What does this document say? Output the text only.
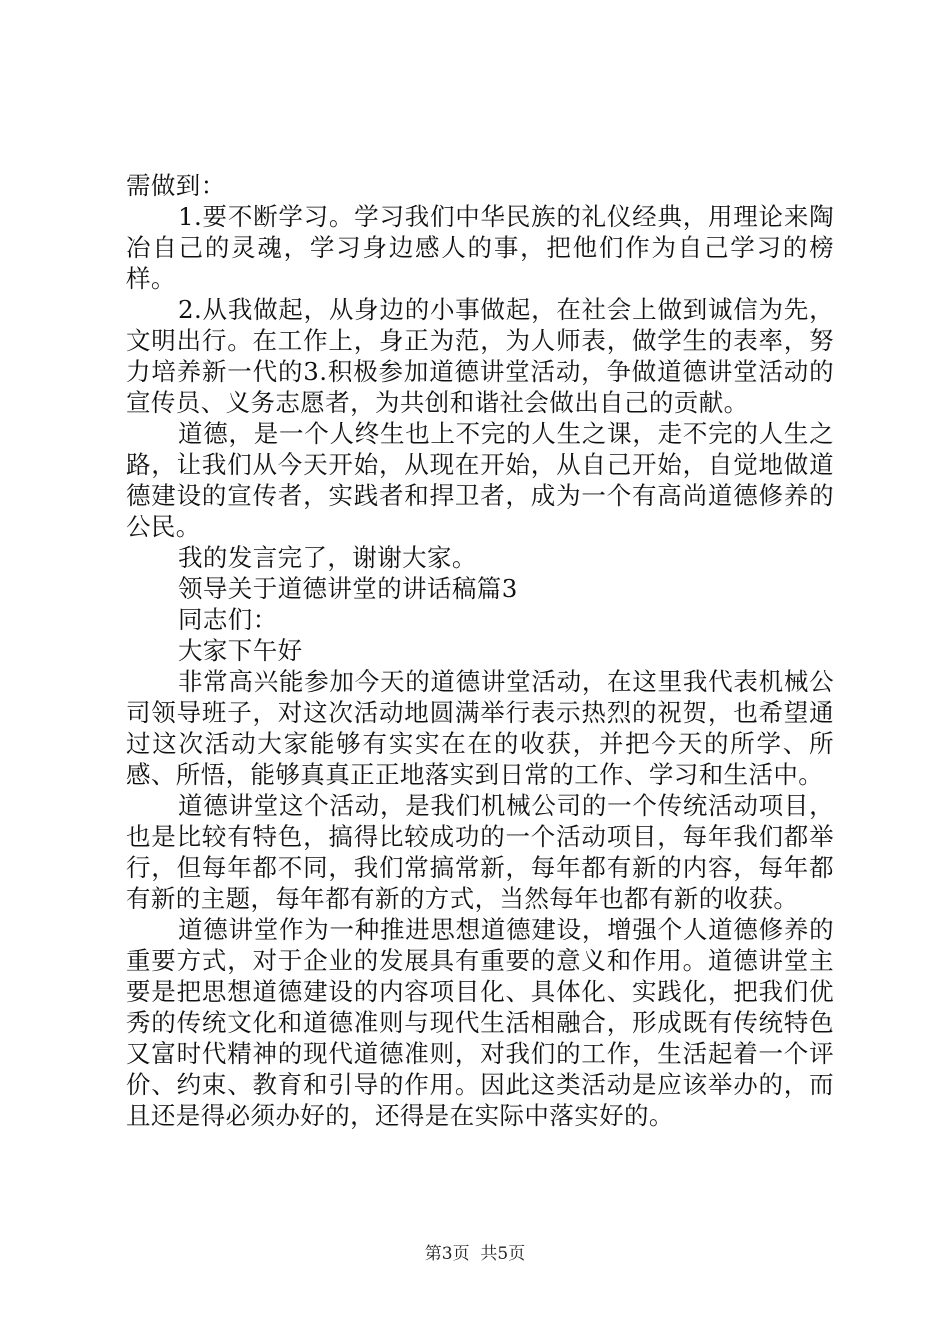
需做到：

1.要不断学习。学习我们中华民族的礼仪经典，用理论来陶冶自己的灵魂，学习身边感人的事，把他们作为自己学习的榜样。

2.从我做起，从身边的小事做起，在社会上做到诚信为先，文明出行。在工作上，身正为范，为人师表，做学生的表率，努力培养新一代的3.积极参加道德讲堂活动，争做道德讲堂活动的宣传员、义务志愿者，为共创和谐社会做出自己的贡献。

道德，是一个人终生也上不完的人生之课，走不完的人生之路，让我们从今天开始，从现在开始，从自己开始，自觉地做道德建设的宣传者，实践者和捍卫者，成为一个有高尚道德修养的公民。

我的发言完了，谢谢大家。

领导关于道德讲堂的讲话稿篇3

同志们：

大家下午好

非常高兴能参加今天的道德讲堂活动，在这里我代表机械公司领导班子，对这次活动地圆满举行表示热烈的祝贺，也希望通过这次活动大家能够有实实在在的收获，并把今天的所学、所感、所悟，能够真真正正地落实到日常的工作、学习和生活中。

道德讲堂这个活动，是我们机械公司的一个传统活动项目，也是比较有特色，搞得比较成功的一个活动项目，每年我们都举行，但每年都不同，我们常搞常新，每年都有新的内容，每年都有新的主题，每年都有新的方式，当然每年也都有新的收获。

道德讲堂作为一种推进思想道德建设，增强个人道德修养的重要方式，对于企业的发展具有重要的意义和作用。道德讲堂主要是把思想道德建设的内容项目化、具体化、实践化，把我们优秀的传统文化和道德准则与现代生活相融合，形成既有传统特色又富时代精神的现代道德准则，对我们的工作，生活起着一个评价、约束、教育和引导的作用。因此这类活动是应该举办的，而且还是得必须办好的，还得是在实际中落实好的。

第3页  共5页
